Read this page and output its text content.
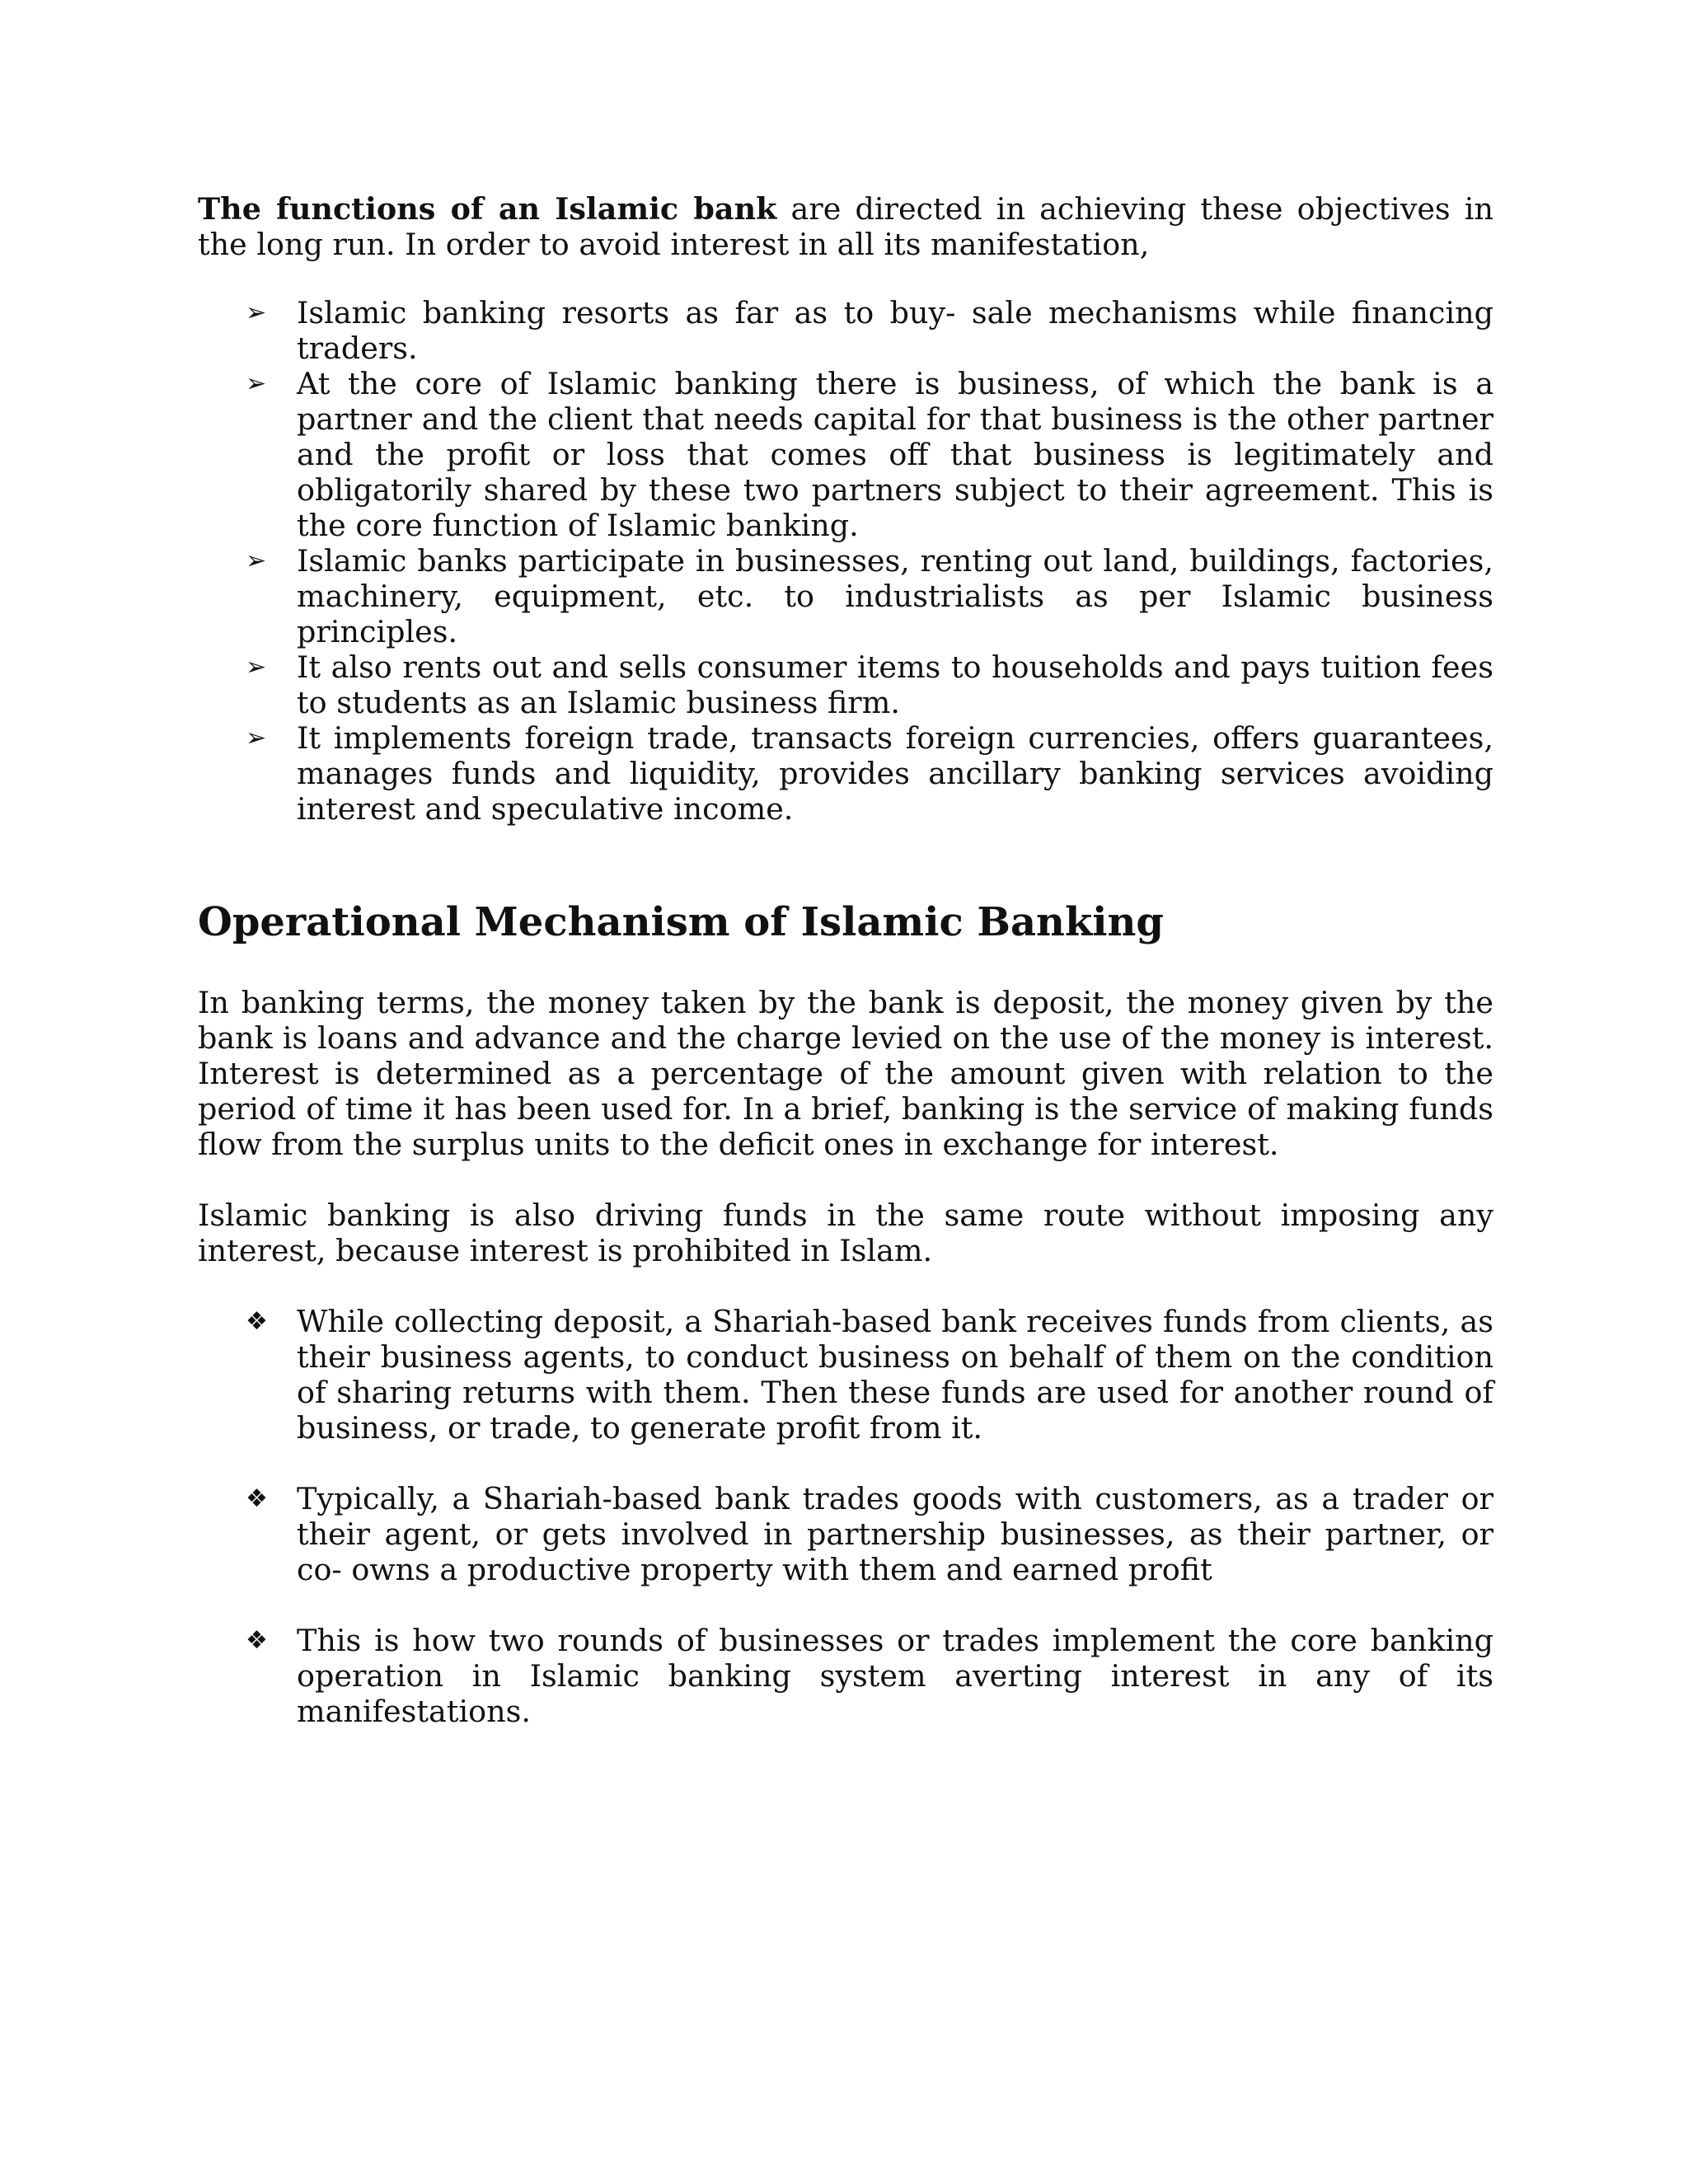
The functions of an Islamic bank are directed in achieving these objectives in the long run. In order to avoid interest in all its manifestation,

➢ Islamic banking resorts as far as to buy- sale mechanisms while financing traders.
➢ At the core of Islamic banking there is business, of which the bank is a partner and the client that needs capital for that business is the other partner and the profit or loss that comes off that business is legitimately and obligatorily shared by these two partners subject to their agreement. This is the core function of Islamic banking.
➢ Islamic banks participate in businesses, renting out land, buildings, factories, machinery, equipment, etc. to industrialists as per Islamic business principles.
➢ It also rents out and sells consumer items to households and pays tuition fees to students as an Islamic business firm.
➢ It implements foreign trade, transacts foreign currencies, offers guarantees, manages funds and liquidity, provides ancillary banking services avoiding interest and speculative income.
Operational Mechanism of Islamic Banking

In banking terms, the money taken by the bank is deposit, the money given by the bank is loans and advance and the charge levied on the use of the money is interest. Interest is determined as a percentage of the amount given with relation to the period of time it has been used for. In a brief, banking is the service of making funds flow from the surplus units to the deficit ones in exchange for interest.

Islamic banking is also driving funds in the same route without imposing any interest, because interest is prohibited in Islam.

❖ While collecting deposit, a Shariah-based bank receives funds from clients, as their business agents, to conduct business on behalf of them on the condition of sharing returns with them. Then these funds are used for another round of business, or trade, to generate profit from it.
❖ Typically, a Shariah-based bank trades goods with customers, as a trader or their agent, or gets involved in partnership businesses, as their partner, or co- owns a productive property with them and earned profit
❖ This is how two rounds of businesses or trades implement the core banking operation in Islamic banking system averting interest in any of its manifestations.
